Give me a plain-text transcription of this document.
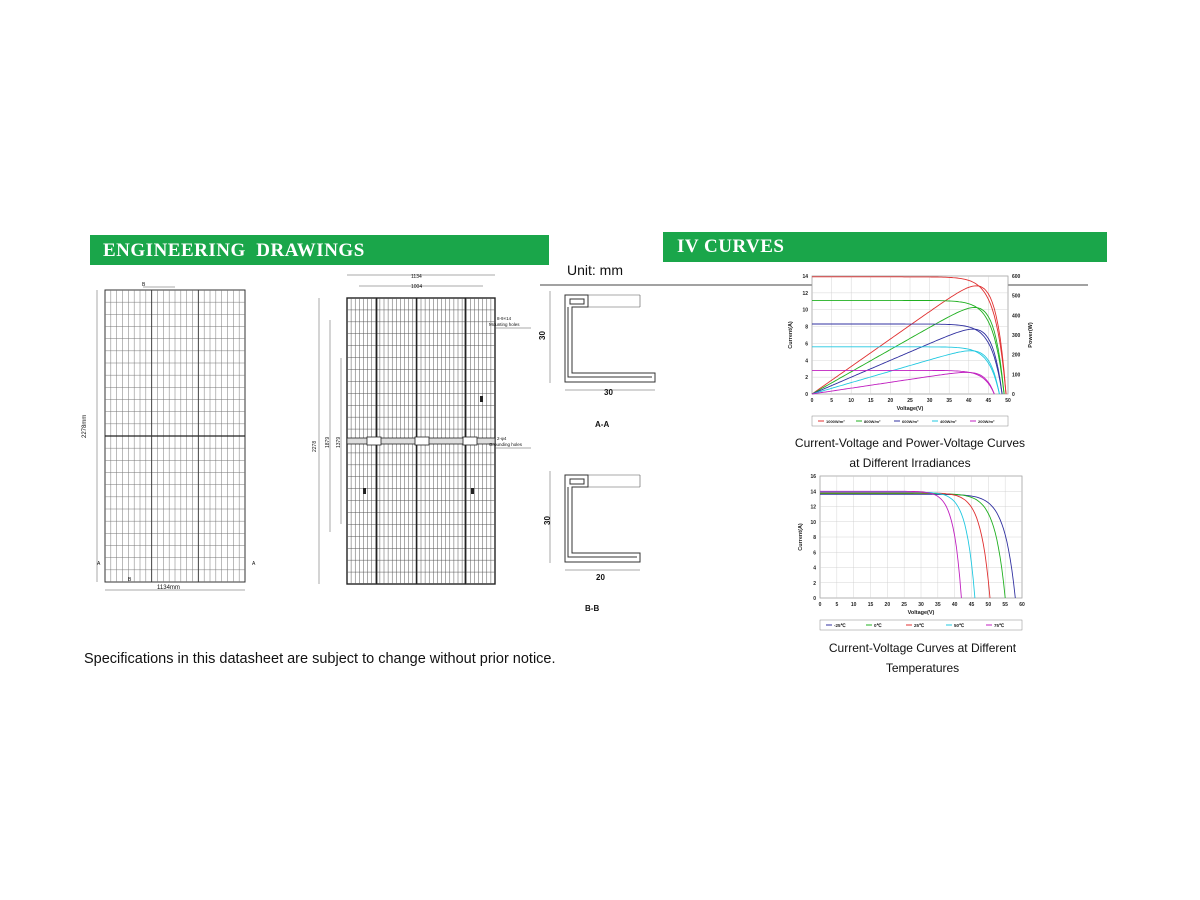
ENGINEERING  DRAWINGS	IV CURVES
Unit: mm
B
2278mm
1134mm
A	A
B
1134
1004
2278 1879 1379
8-9×14
Mounting holes
2-φ4
Grounding holes
30
30
A-A
30
20
B-B
Specifications in this datasheet are subject to change without prior notice.
0	5	10	15	20	25	30	35	40	45	50
0
2
4
6
8
10
12
14
0
100
200
300
400
500
600
Voltage(V)
Current(A)	Power(W)
1000W/m²	800W/m²	600W/m²	400W/m²	200W/m²
Current-Voltage and Power-Voltage Curves
at Different Irradiances
0	5	10 15 20 25 30 35 40 45 50 55 60
0
2
4
6
8
10
12
14
16
Voltage(V)
Current(A)
-25℃	0℃	25℃	50℃	75℃
Current-Voltage Curves at Different
Temperatures
